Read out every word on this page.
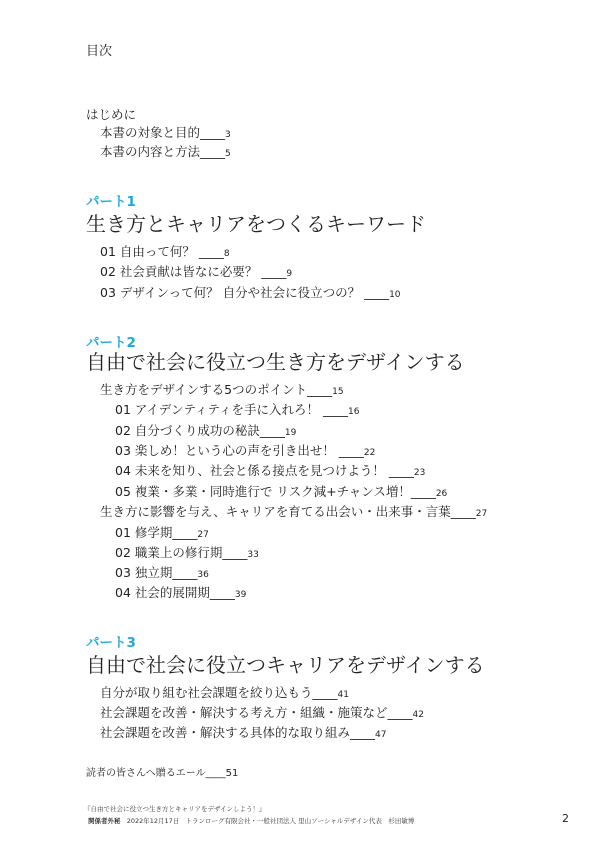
目次
はじめに
本書の対象と目的____3
本書の内容と方法____5
パート1
生き方とキャリアをつくるキーワード
01 自由って何？ ____8
02 社会貢献は皆なに必要？ ____9
03 デザインって何？ 自分や社会に役立つの？ ____10
パート2
自由で社会に役立つ生き方をデザインする
生き方をデザインする5つのポイント____15
01 アイデンティティを手に入れろ！ ____16
02 自分づくり成功の秘訣____19
03 楽しめ！という心の声を引き出せ！ ____22
04 未来を知り、社会と係る接点を見つけよう！ ____23
05 複業・多業・同時進行で リスク減+チャンス増！____26
生き方に影響を与え、キャリアを育てる出会い・出来事・言葉____27
01 修学期____27
02 職業上の修行期____33
03 独立期____36
04 社会的展開期____39
パート3
自由で社会に役立つキャリアをデザインする
自分が取り組む社会課題を絞り込もう____41
社会課題を改善・解決する考え方・組織・施策など____42
社会課題を改善・解決する具体的な取り組み____47
読者の皆さんへ贈るエール____51
『自由で社会に役立つ生き方とキャリアをデザインしよう！』
関係者外秘 2022年12月17日 トランローグ有限会社・一般社団法人 里山ソーシャルデザイン代表　杉田敏博	2
